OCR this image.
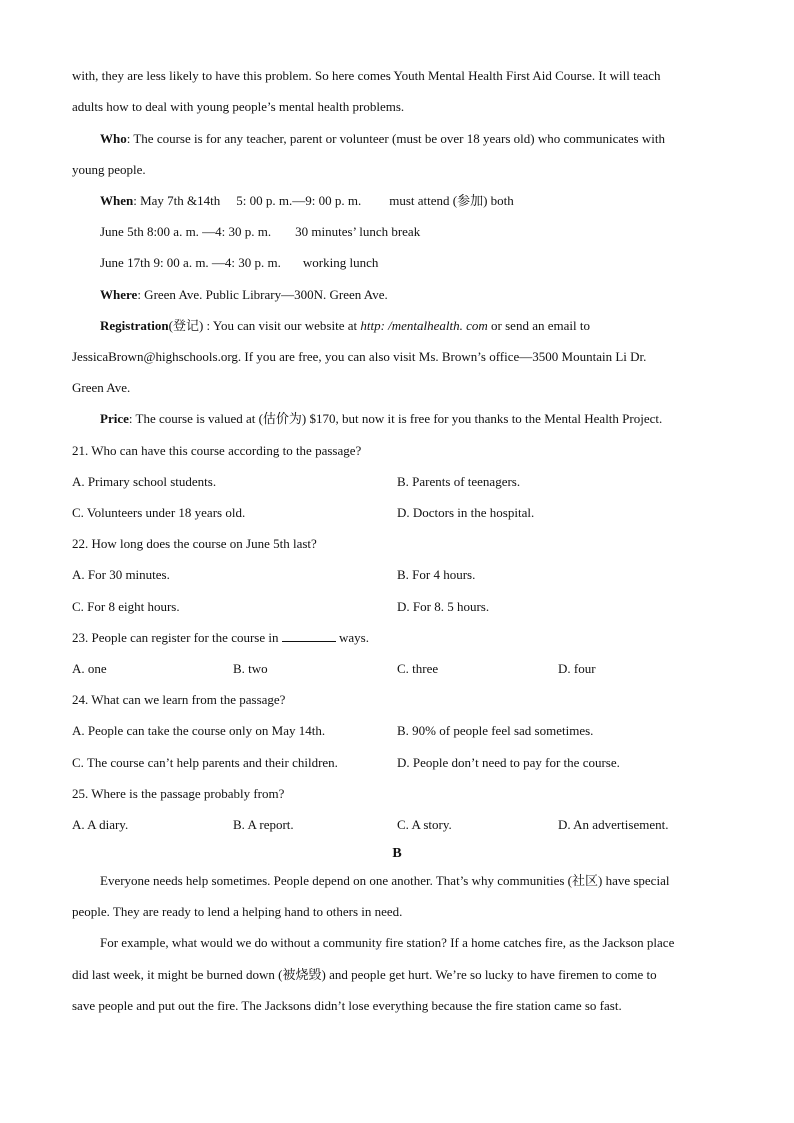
with, they are less likely to have this problem. So here comes Youth Mental Health First Aid Course. It will teach
adults how to deal with young people’s mental health problems.
Who: The course is for any teacher, parent or volunteer (must be over 18 years old) who communicates with
young people.
When: May 7th &14th 5: 00 p. m.—9: 00 p. m. must attend (参加) both
June 5th 8:00 a. m. —4: 30 p. m. 30 minutes’ lunch break
June 17th 9: 00 a. m. —4: 30 p. m. working lunch
Where: Green Ave. Public Library—300N. Green Ave.
Registration(登记) : You can visit our website at http: /mentalhealth. com or send an email to
JessicaBrown@highschools.org. If you are free, you can also visit Ms. Brown’s office—3500 Mountain Li Dr.
Green Ave.
Price: The course is valued at (估价为) $170, but now it is free for you thanks to the Mental Health Project.
21. Who can have this course according to the passage?
A. Primary school students.	B. Parents of teenagers.
C. Volunteers under 18 years old.	D. Doctors in the hospital.
22. How long does the course on June 5th last?
A. For 30 minutes.	B. For 4 hours.
C. For 8 eight hours.	D. For 8. 5 hours.
23. People can register for the course in	ways.
A. one	B. two	C. three	D. four
24. What can we learn from the passage?
A. People can take the course only on May 14th.	B. 90% of people feel sad sometimes.
C. The course can’t help parents and their children.	D. People don’t need to pay for the course.
25. Where is the passage probably from?
A. A diary.	B. A report.	C. A story.	D. An advertisement.
B
Everyone needs help sometimes. People depend on one another. That’s why communities (社区) have special
people. They are ready to lend a helping hand to others in need.
For example, what would we do without a community fire station? If a home catches fire, as the Jackson place
did last week, it might be burned down (被烧毁) and people get hurt. We’re so lucky to have firemen to come to
save people and put out the fire. The Jacksons didn’t lose everything because the fire station came so fast.
